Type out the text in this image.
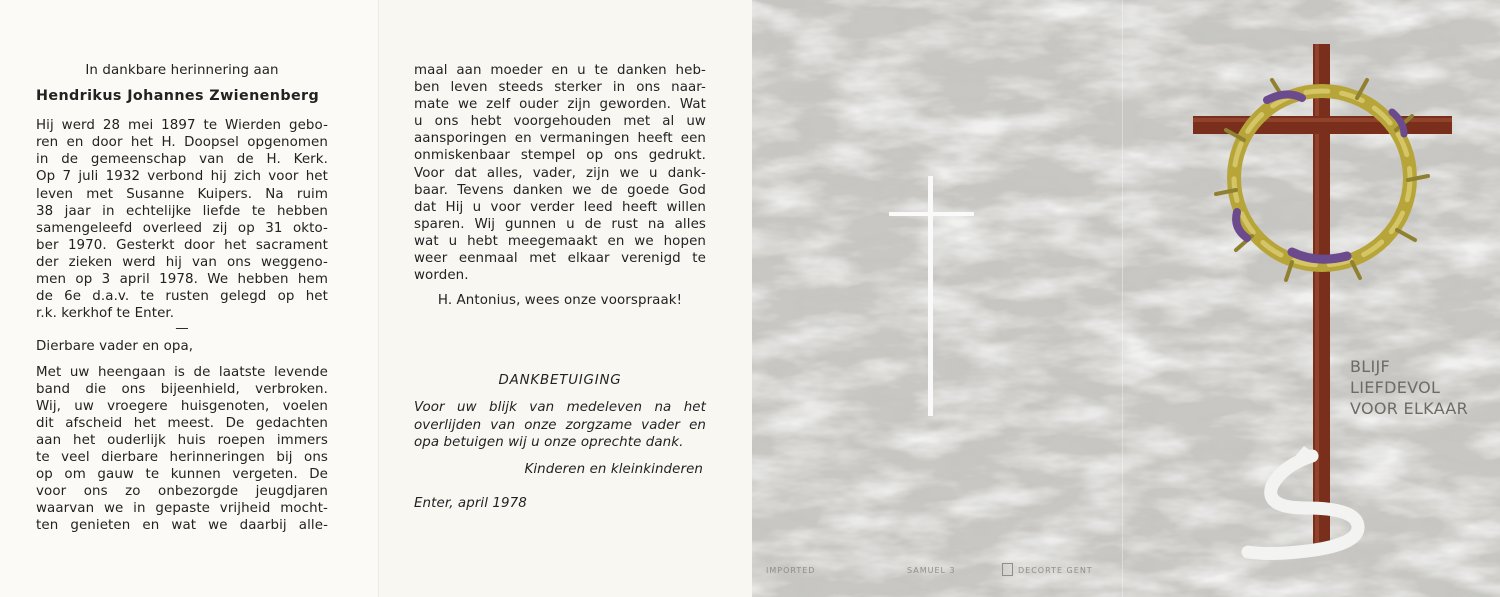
In dankbare herinnering aan
Hendrikus Johannes Zwienenberg
Hij werd 28 mei 1897 te Wierden gebo-
ren en door het H. Doopsel opgenomen
in de gemeenschap van de H. Kerk.
Op 7 juli 1932 verbond hij zich voor het
leven met Susanne Kuipers. Na ruim
38 jaar in echtelijke liefde te hebben
samengeleefd overleed zij op 31 okto-
ber 1970. Gesterkt door het sacrament
der zieken werd hij van ons weggeno-
men op 3 april 1978. We hebben hem
de 6e d.a.v. te rusten gelegd op het
r.k. kerkhof te Enter.
—
Dierbare vader en opa,
Met uw heengaan is de laatste levende
band die ons bijeenhield, verbroken.
Wij, uw vroegere huisgenoten, voelen
dit afscheid het meest. De gedachten
aan het ouderlijk huis roepen immers
te veel dierbare herinneringen bij ons
op om gauw te kunnen vergeten. De
voor ons zo onbezorgde jeugdjaren
waarvan we in gepaste vrijheid mocht-
ten genieten en wat we daarbij alle-
maal aan moeder en u te danken heb-
ben leven steeds sterker in ons naar-
mate we zelf ouder zijn geworden. Wat
u ons hebt voorgehouden met al uw
aansporingen en vermaningen heeft een
onmiskenbaar stempel op ons gedrukt.
Voor dat alles, vader, zijn we u dank-
baar. Tevens danken we de goede God
dat Hij u voor verder leed heeft willen
sparen. Wij gunnen u de rust na alles
wat u hebt meegemaakt en we hopen
weer eenmaal met elkaar verenigd te
worden.
H. Antonius, wees onze voorspraak!
DANKBETUIGING
Voor uw blijk van medeleven na het
overlijden van onze zorgzame vader en
opa betuigen wij u onze oprechte dank.
Kinderen en kleinkinderen
Enter, april 1978
BLIJF
LIEFDEVOL
VOOR ELKAAR
IMPORTED	SAMUEL 3	DECORTE GENT
